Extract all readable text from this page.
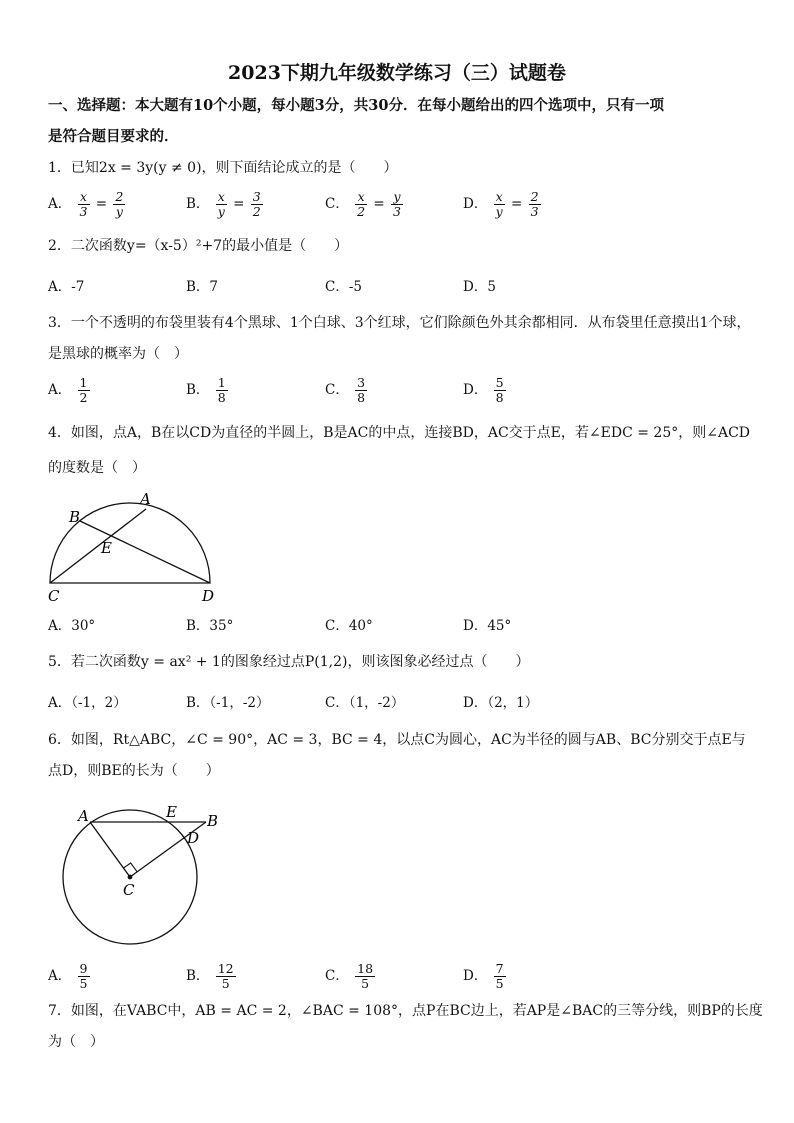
2023下期九年级数学练习（三）试题卷
一、选择题：本大题有10个小题，每小题3分，共30分．在每小题给出的四个选项中，只有一项
是符合题目要求的．
1．已知2x = 3y(y ≠ 0)，则下面结论成立的是（　　）
A． $\frac{x}{3} = \frac{2}{y}$	B． $\frac{x}{y} = \frac{3}{2}$	C． $\frac{x}{2} = \frac{y}{3}$	D． $\frac{x}{y} = \frac{2}{3}$
2．二次函数y=（x-5）²+7的最小值是（　　）
A．-7	B．7	C．-5	D．5
3．一个不透明的布袋里装有4个黑球、1个白球、3个红球，它们除颜色外其余都相同．从布袋里任意摸出1个球，
是黑球的概率为（　）
A． $\frac{1}{2}$	B． $\frac{1}{8}$	C． $\frac{3}{8}$	D． $\frac{5}{8}$
4．如图，点A，B在以CD为直径的半圆上，B是AC的中点，连接BD，AC交于点E，若∠EDC = 25°，则∠ACD
的度数是（　）
A
B
E
C	D
A．30°	B．35°	C．40°	D．45°
5．若二次函数y = ax² + 1的图象经过点P(1,2)，则该图象必经过点（　　）
A．（-1，2）	B．（-1，-2）	C．（1，-2）	D．（2，1）
6．如图，Rt△ABC，∠C = 90°，AC = 3，BC = 4，以点C为圆心，AC为半径的圆与AB、BC分别交于点E与
点D，则BE的长为（　　）
A	E B
D
C
A． $\frac{9}{5}$	B． $\frac{12}{5}$	C． $\frac{18}{5}$	D． $\frac{7}{5}$
7．如图，在VABC中，AB = AC = 2，∠BAC = 108°，点P在BC边上，若AP是∠BAC的三等分线，则BP的长度
为（　）
